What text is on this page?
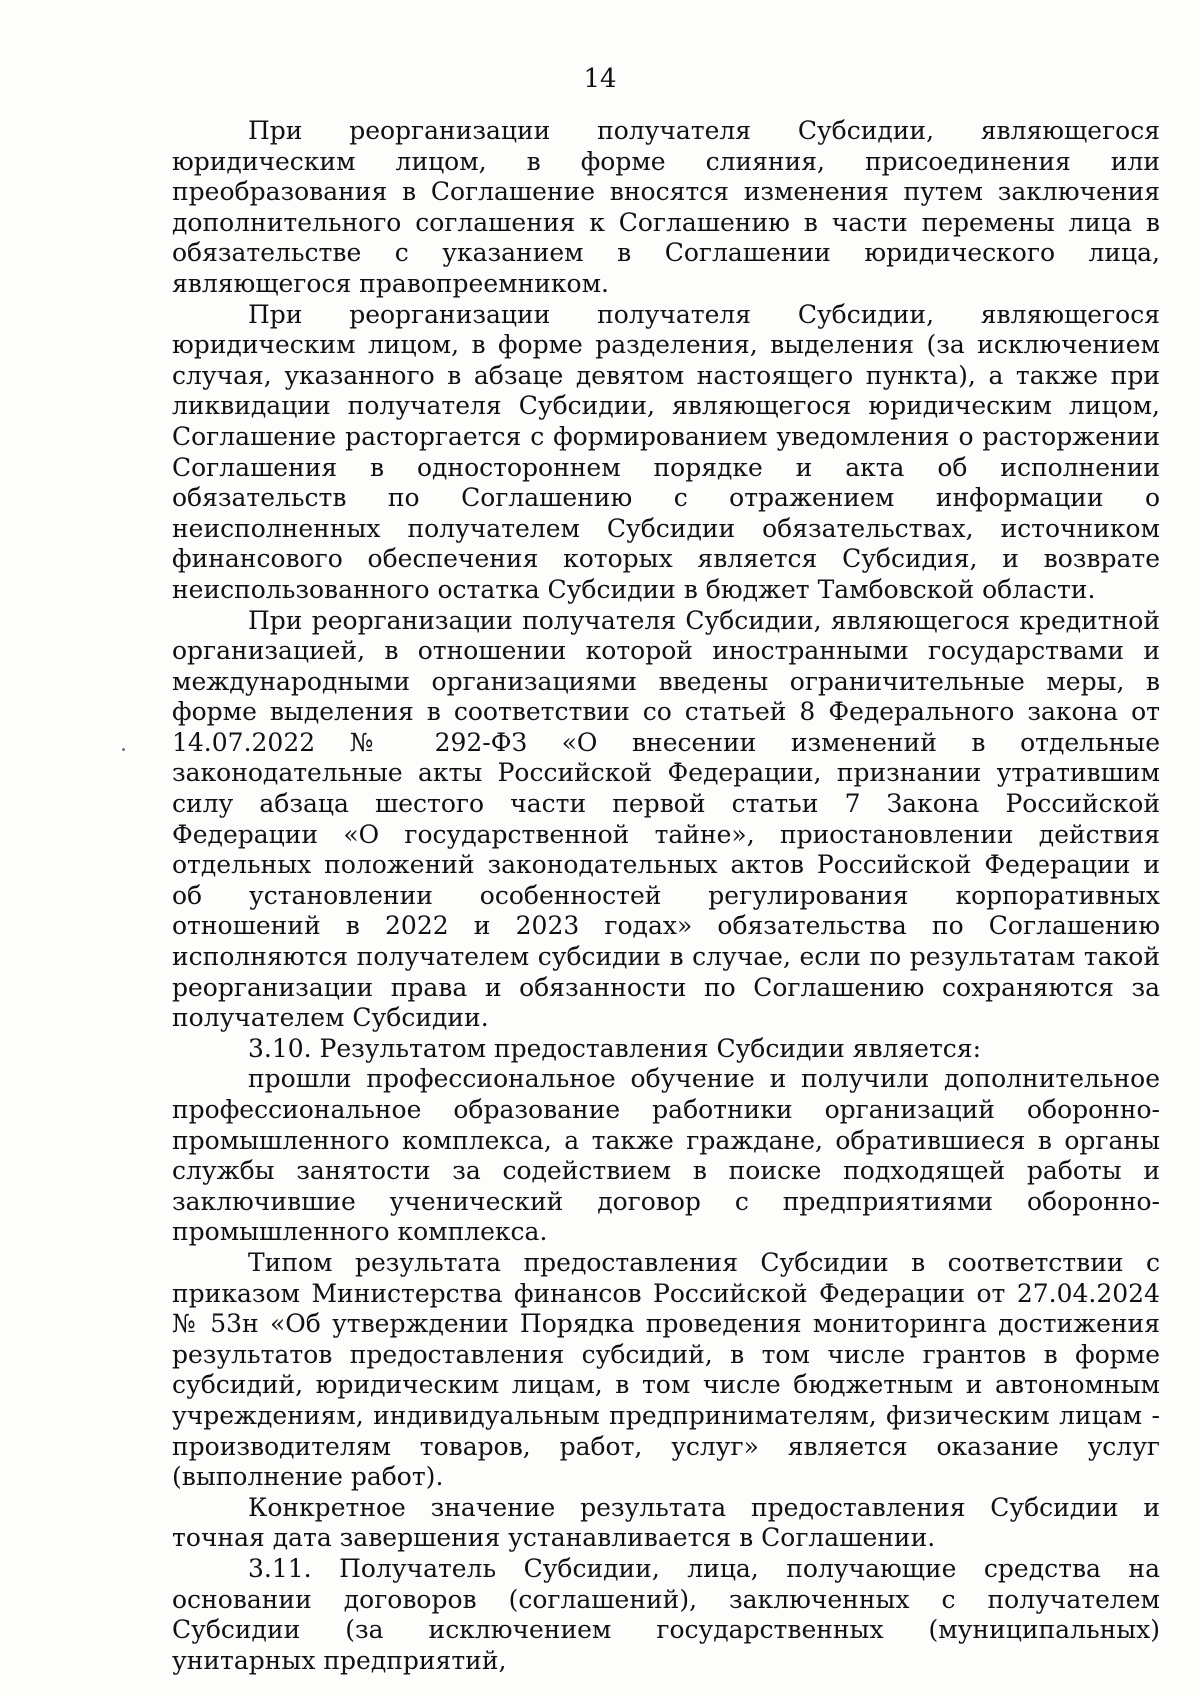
14

При реорганизации получателя Субсидии, являющегося юридическим лицом, в форме слияния, присоединения или преобразования в Соглашение вносятся изменения путем заключения дополнительного соглашения к Соглашению в части перемены лица в обязательстве с указанием в Соглашении юридического лица, являющегося правопреемником.

При реорганизации получателя Субсидии, являющегося юридическим лицом, в форме разделения, выделения (за исключением случая, указанного в абзаце девятом настоящего пункта), а также при ликвидации получателя Субсидии, являющегося юридическим лицом, Соглашение расторгается с формированием уведомления о расторжении Соглашения в одностороннем порядке и акта об исполнении обязательств по Соглашению с отражением информации о неисполненных получателем Субсидии обязательствах, источником финансового обеспечения которых является Субсидия, и возврате неиспользованного остатка Субсидии в бюджет Тамбовской области.

При реорганизации получателя Субсидии, являющегося кредитной организацией, в отношении которой иностранными государствами и международными организациями введены ограничительные меры, в форме выделения в соответствии со статьей 8 Федерального закона от 14.07.2022 № 292-ФЗ «О внесении изменений в отдельные законодательные акты Российской Федерации, признании утратившим силу абзаца шестого части первой статьи 7 Закона Российской Федерации «О государственной тайне», приостановлении действия отдельных положений законодательных актов Российской Федерации и об установлении особенностей регулирования корпоративных отношений в 2022 и 2023 годах» обязательства по Соглашению исполняются получателем субсидии в случае, если по результатам такой реорганизации права и обязанности по Соглашению сохраняются за получателем Субсидии.

3.10. Результатом предоставления Субсидии является:

прошли профессиональное обучение и получили дополнительное профессиональное образование работники организаций оборонно-промышленного комплекса, а также граждане, обратившиеся в органы службы занятости за содействием в поиске подходящей работы и заключившие ученический договор с предприятиями оборонно-промышленного комплекса.

Типом результата предоставления Субсидии в соответствии с приказом Министерства финансов Российской Федерации от 27.04.2024 № 53н «Об утверждении Порядка проведения мониторинга достижения результатов предоставления субсидий, в том числе грантов в форме субсидий, юридическим лицам, в том числе бюджетным и автономным учреждениям, индивидуальным предпринимателям, физическим лицам - производителям товаров, работ, услуг» является оказание услуг (выполнение работ).

Конкретное значение результата предоставления Субсидии и точная дата завершения устанавливается в Соглашении.

3.11. Получатель Субсидии, лица, получающие средства на основании договоров (соглашений), заключенных с получателем Субсидии (за исключением государственных (муниципальных) унитарных предприятий,
